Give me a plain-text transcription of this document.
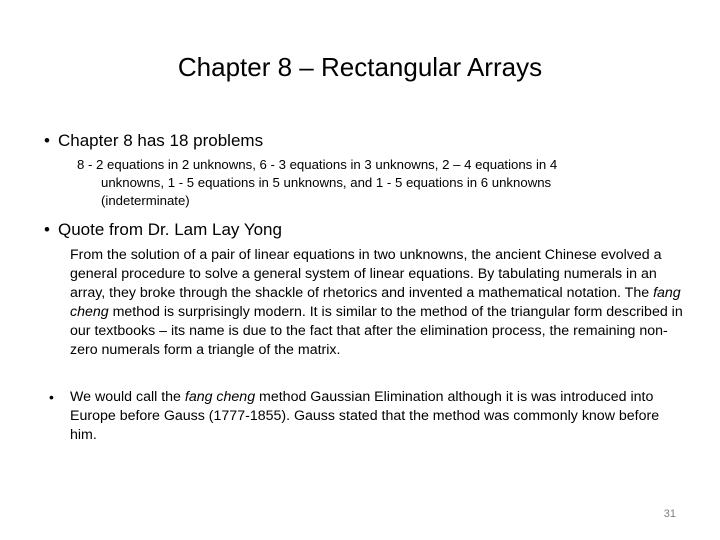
Chapter 8 – Rectangular Arrays
• Chapter 8 has 18 problems
8 - 2 equations in 2 unknowns, 6 - 3 equations in 3 unknowns, 2 – 4 equations in 4
unknowns, 1 - 5 equations in 5 unknowns, and 1 - 5 equations in 6 unknowns
(indeterminate)
• Quote from Dr. Lam Lay Yong
From the solution of a pair of linear equations in two unknowns, the ancient Chinese evolved a general procedure to solve a general system of linear equations. By tabulating numerals in an array, they broke through the shackle of rhetorics and invented a mathematical notation. The fang cheng method is surprisingly modern. It is similar to the method of the triangular form described in our textbooks – its name is due to the fact that after the elimination process, the remaining non-zero numerals form a triangle of the matrix.
• We would call the fang cheng method Gaussian Elimination although it is was introduced into Europe before Gauss (1777-1855). Gauss stated that the method was commonly know before him.
31
